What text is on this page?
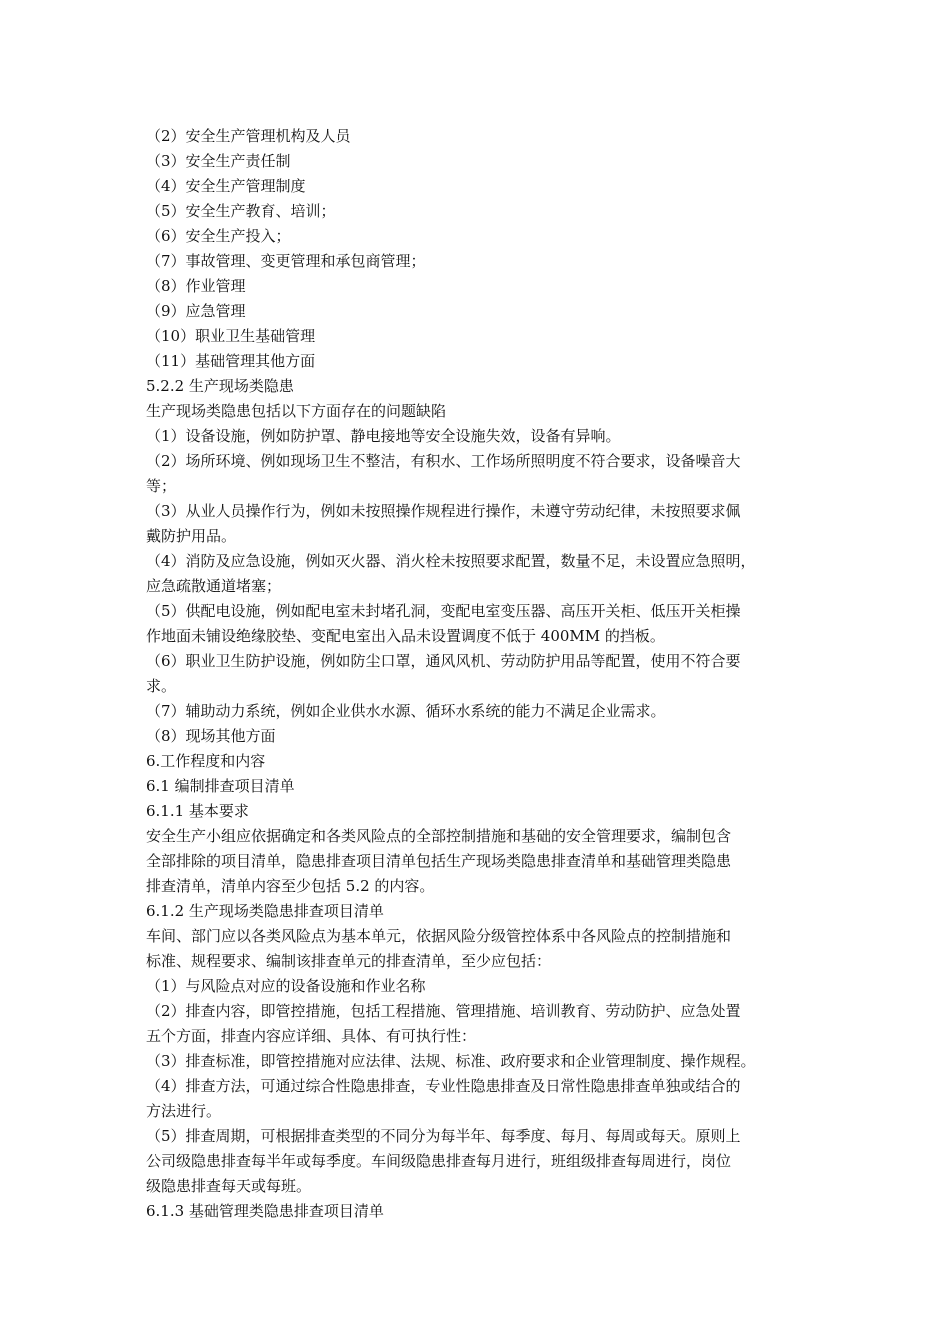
（2）安全生产管理机构及人员

（3）安全生产责任制

（4）安全生产管理制度

（5）安全生产教育、培训；

（6）安全生产投入；

（7）事故管理、变更管理和承包商管理；

（8）作业管理

（9）应急管理

（10）职业卫生基础管理

（11）基础管理其他方面

5.2.2 生产现场类隐患

生产现场类隐患包括以下方面存在的问题缺陷

（1）设备设施，例如防护罩、静电接地等安全设施失效，设备有异响。

（2）场所环境、例如现场卫生不整洁，有积水、工作场所照明度不符合要求，设备噪音大
等；

（3）从业人员操作行为，例如未按照操作规程进行操作，未遵守劳动纪律，未按照要求佩
戴防护用品。

（4）消防及应急设施，例如灭火器、消火栓未按照要求配置，数量不足，未设置应急照明，
应急疏散通道堵塞；

（5）供配电设施，例如配电室未封堵孔洞，变配电室变压器、高压开关柜、低压开关柜操
作地面未铺设绝缘胶垫、变配电室出入品未设置调度不低于 400MM 的挡板。

（6）职业卫生防护设施，例如防尘口罩，通风风机、劳动防护用品等配置，使用不符合要
求。

（7）辅助动力系统，例如企业供水水源、循环水系统的能力不满足企业需求。

（8）现场其他方面

6.工作程度和内容

6.1 编制排查项目清单

6.1.1 基本要求

安全生产小组应依据确定和各类风险点的全部控制措施和基础的安全管理要求，编制包含
全部排除的项目清单，隐患排查项目清单包括生产现场类隐患排查清单和基础管理类隐患
排查清单，清单内容至少包括 5.2 的内容。

6.1.2 生产现场类隐患排查项目清单

车间、部门应以各类风险点为基本单元，依据风险分级管控体系中各风险点的控制措施和
标准、规程要求、编制该排查单元的排查清单，至少应包括：

（1）与风险点对应的设备设施和作业名称

（2）排查内容，即管控措施，包括工程措施、管理措施、培训教育、劳动防护、应急处置
五个方面，排查内容应详细、具体、有可执行性：

（3）排查标准，即管控措施对应法律、法规、标准、政府要求和企业管理制度、操作规程。

（4）排查方法，可通过综合性隐患排查，专业性隐患排查及日常性隐患排查单独或结合的
方法进行。

（5）排查周期，可根据排查类型的不同分为每半年、每季度、每月、每周或每天。原则上
公司级隐患排查每半年或每季度。车间级隐患排查每月进行，班组级排查每周进行，岗位
级隐患排查每天或每班。

6.1.3 基础管理类隐患排查项目清单
